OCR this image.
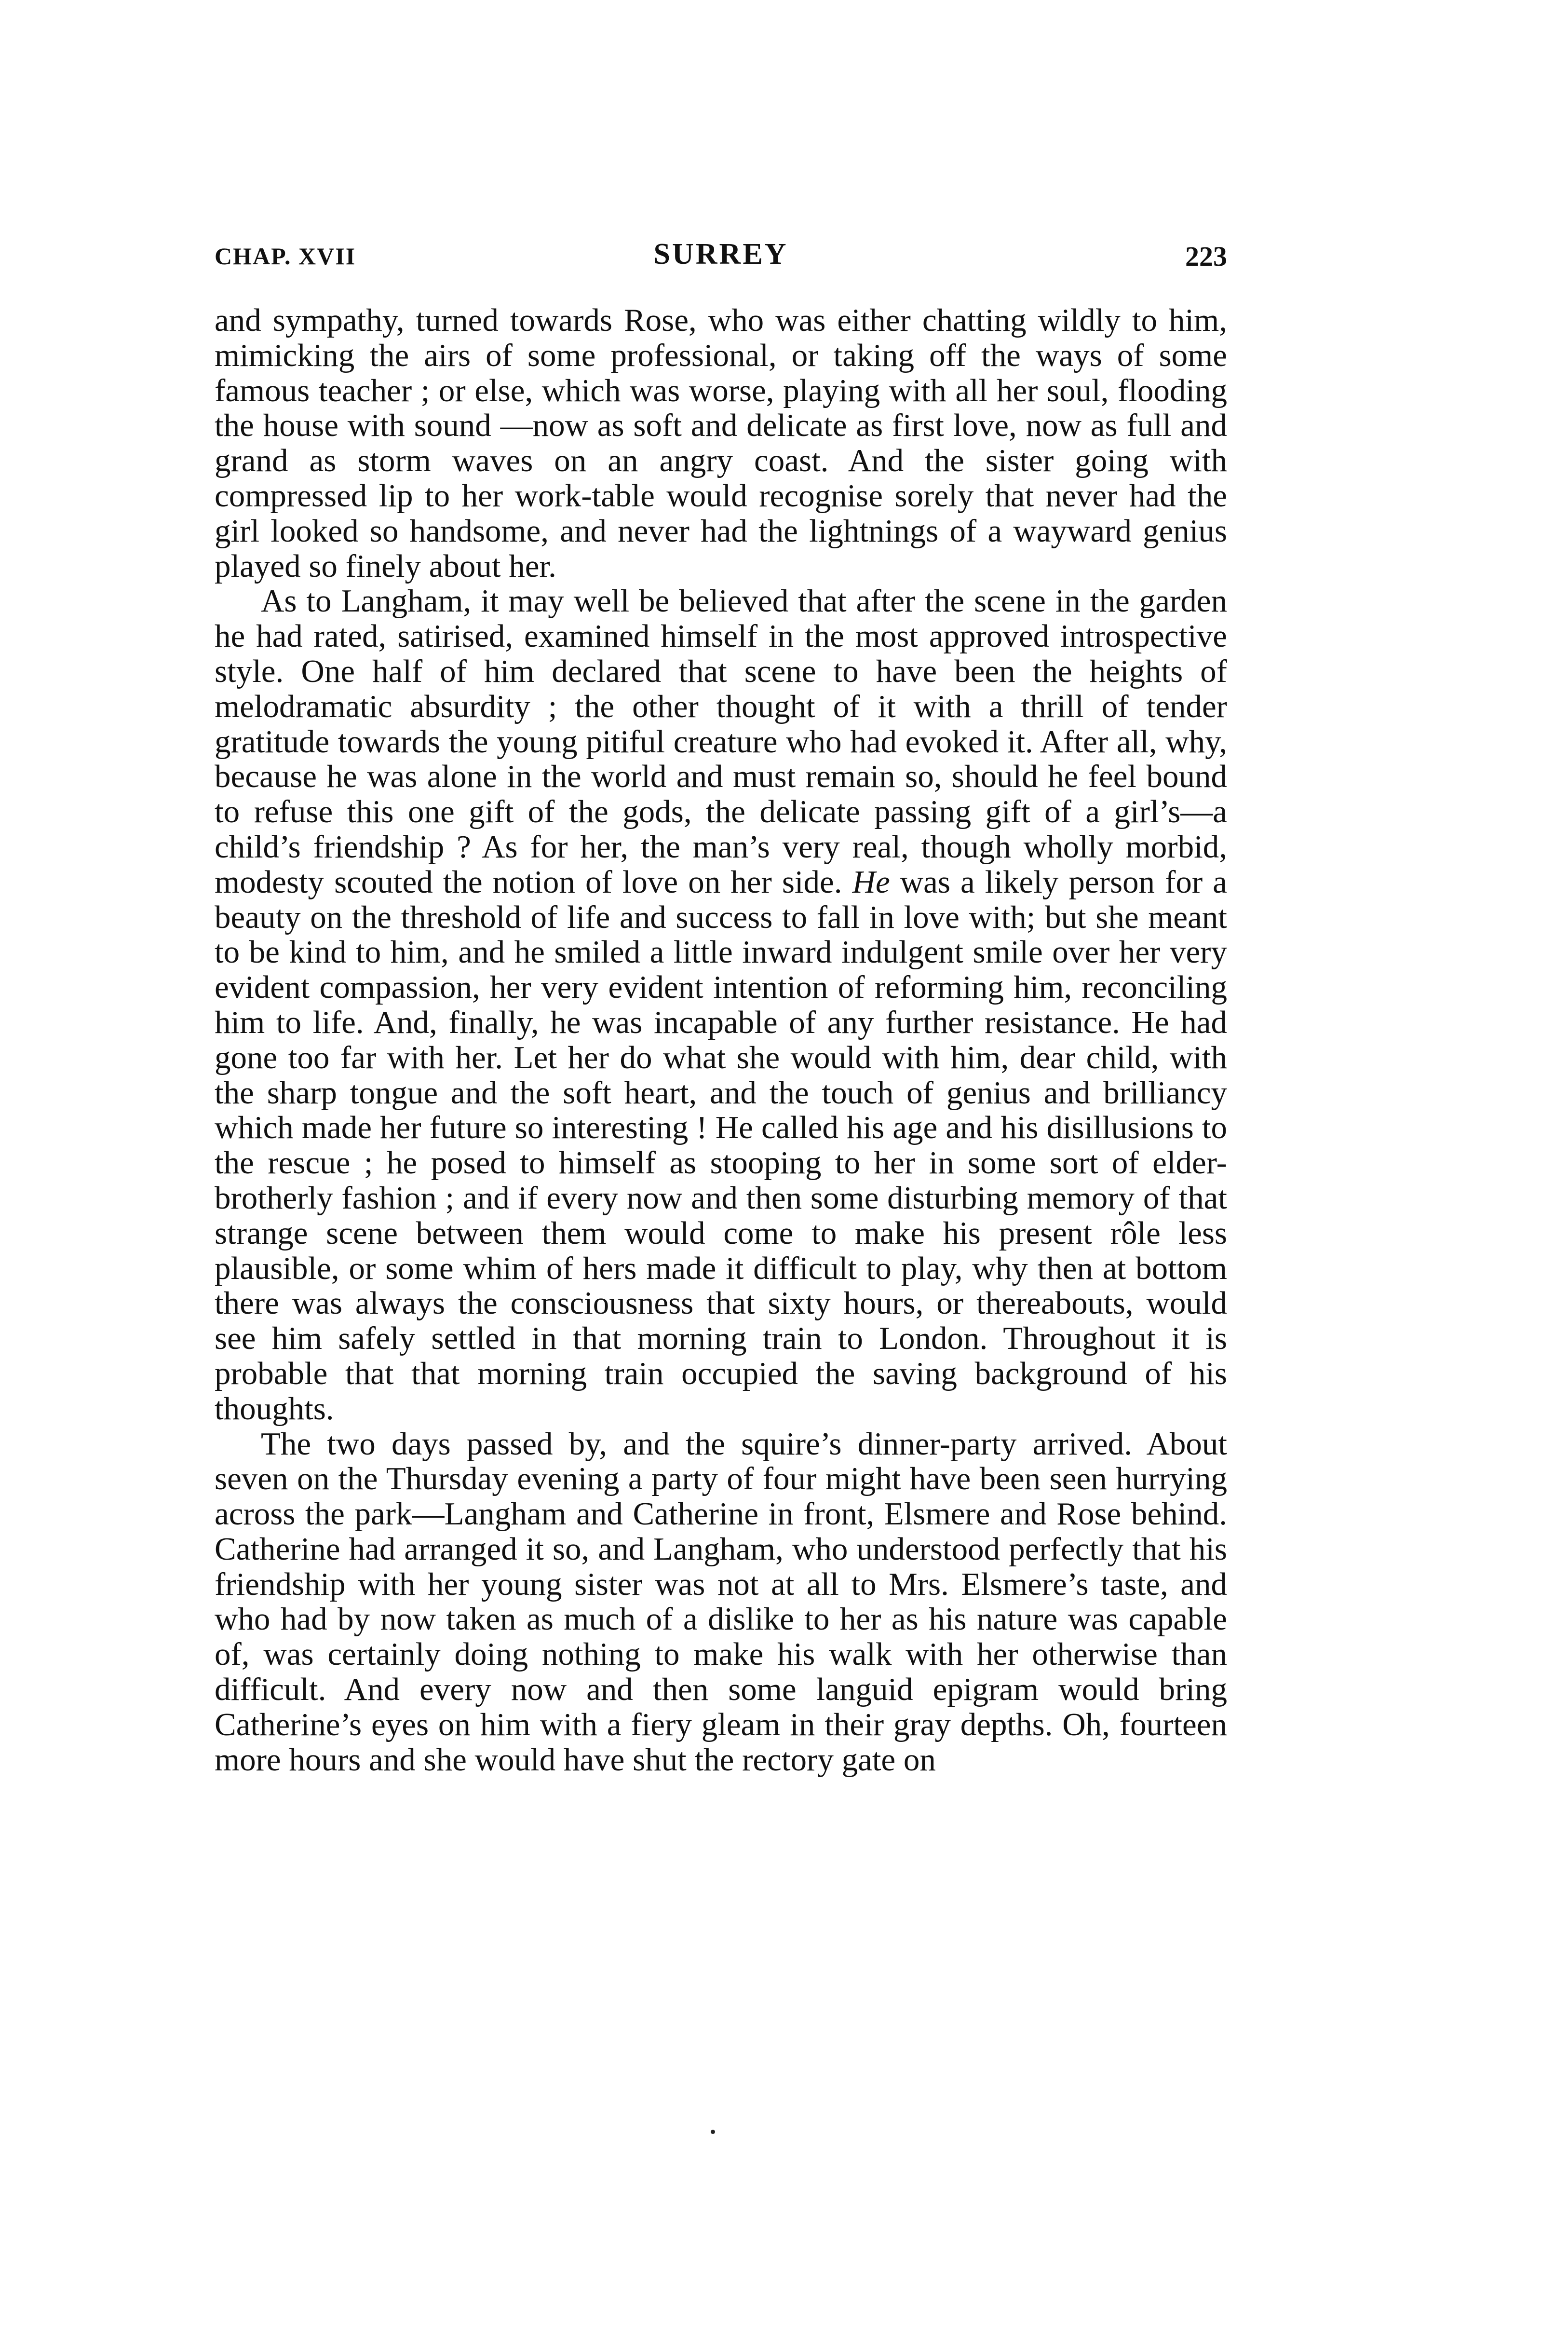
CHAP. XVII	SURREY	223

and sympathy, turned towards Rose, who was either chatting wildly to him, mimicking the airs of some professional, or taking off the ways of some famous teacher ; or else, which was worse, playing with all her soul, flooding the house with sound —now as soft and delicate as first love, now as full and grand as storm waves on an angry coast. And the sister going with compressed lip to her work-table would recognise sorely that never had the girl looked so handsome, and never had the lightnings of a wayward genius played so finely about her.

As to Langham, it may well be believed that after the scene in the garden he had rated, satirised, examined himself in the most approved introspective style. One half of him declared that scene to have been the heights of melodramatic absurdity ; the other thought of it with a thrill of tender gratitude towards the young pitiful creature who had evoked it. After all, why, because he was alone in the world and must remain so, should he feel bound to refuse this one gift of the gods, the delicate passing gift of a girl’s—a child’s friendship ? As for her, the man’s very real, though wholly morbid, modesty scouted the notion of love on her side. He was a likely person for a beauty on the threshold of life and success to fall in love with; but she meant to be kind to him, and he smiled a little inward indulgent smile over her very evident compassion, her very evident intention of reforming him, reconciling him to life. And, finally, he was incapable of any further resistance. He had gone too far with her. Let her do what she would with him, dear child, with the sharp tongue and the soft heart, and the touch of genius and brilliancy which made her future so interesting ! He called his age and his disillusions to the rescue ; he posed to himself as stooping to her in some sort of elder-brotherly fashion ; and if every now and then some disturbing memory of that strange scene between them would come to make his present rôle less plausible, or some whim of hers made it difficult to play, why then at bottom there was always the consciousness that sixty hours, or thereabouts, would see him safely settled in that morning train to London. Throughout it is probable that that morning train occupied the saving background of his thoughts.

The two days passed by, and the squire’s dinner-party arrived. About seven on the Thursday evening a party of four might have been seen hurrying across the park—Langham and Catherine in front, Elsmere and Rose behind. Catherine had arranged it so, and Langham, who understood perfectly that his friendship with her young sister was not at all to Mrs. Elsmere’s taste, and who had by now taken as much of a dislike to her as his nature was capable of, was certainly doing nothing to make his walk with her otherwise than difficult. And every now and then some languid epigram would bring Catherine’s eyes on him with a fiery gleam in their gray depths. Oh, fourteen more hours and she would have shut the rectory gate on
